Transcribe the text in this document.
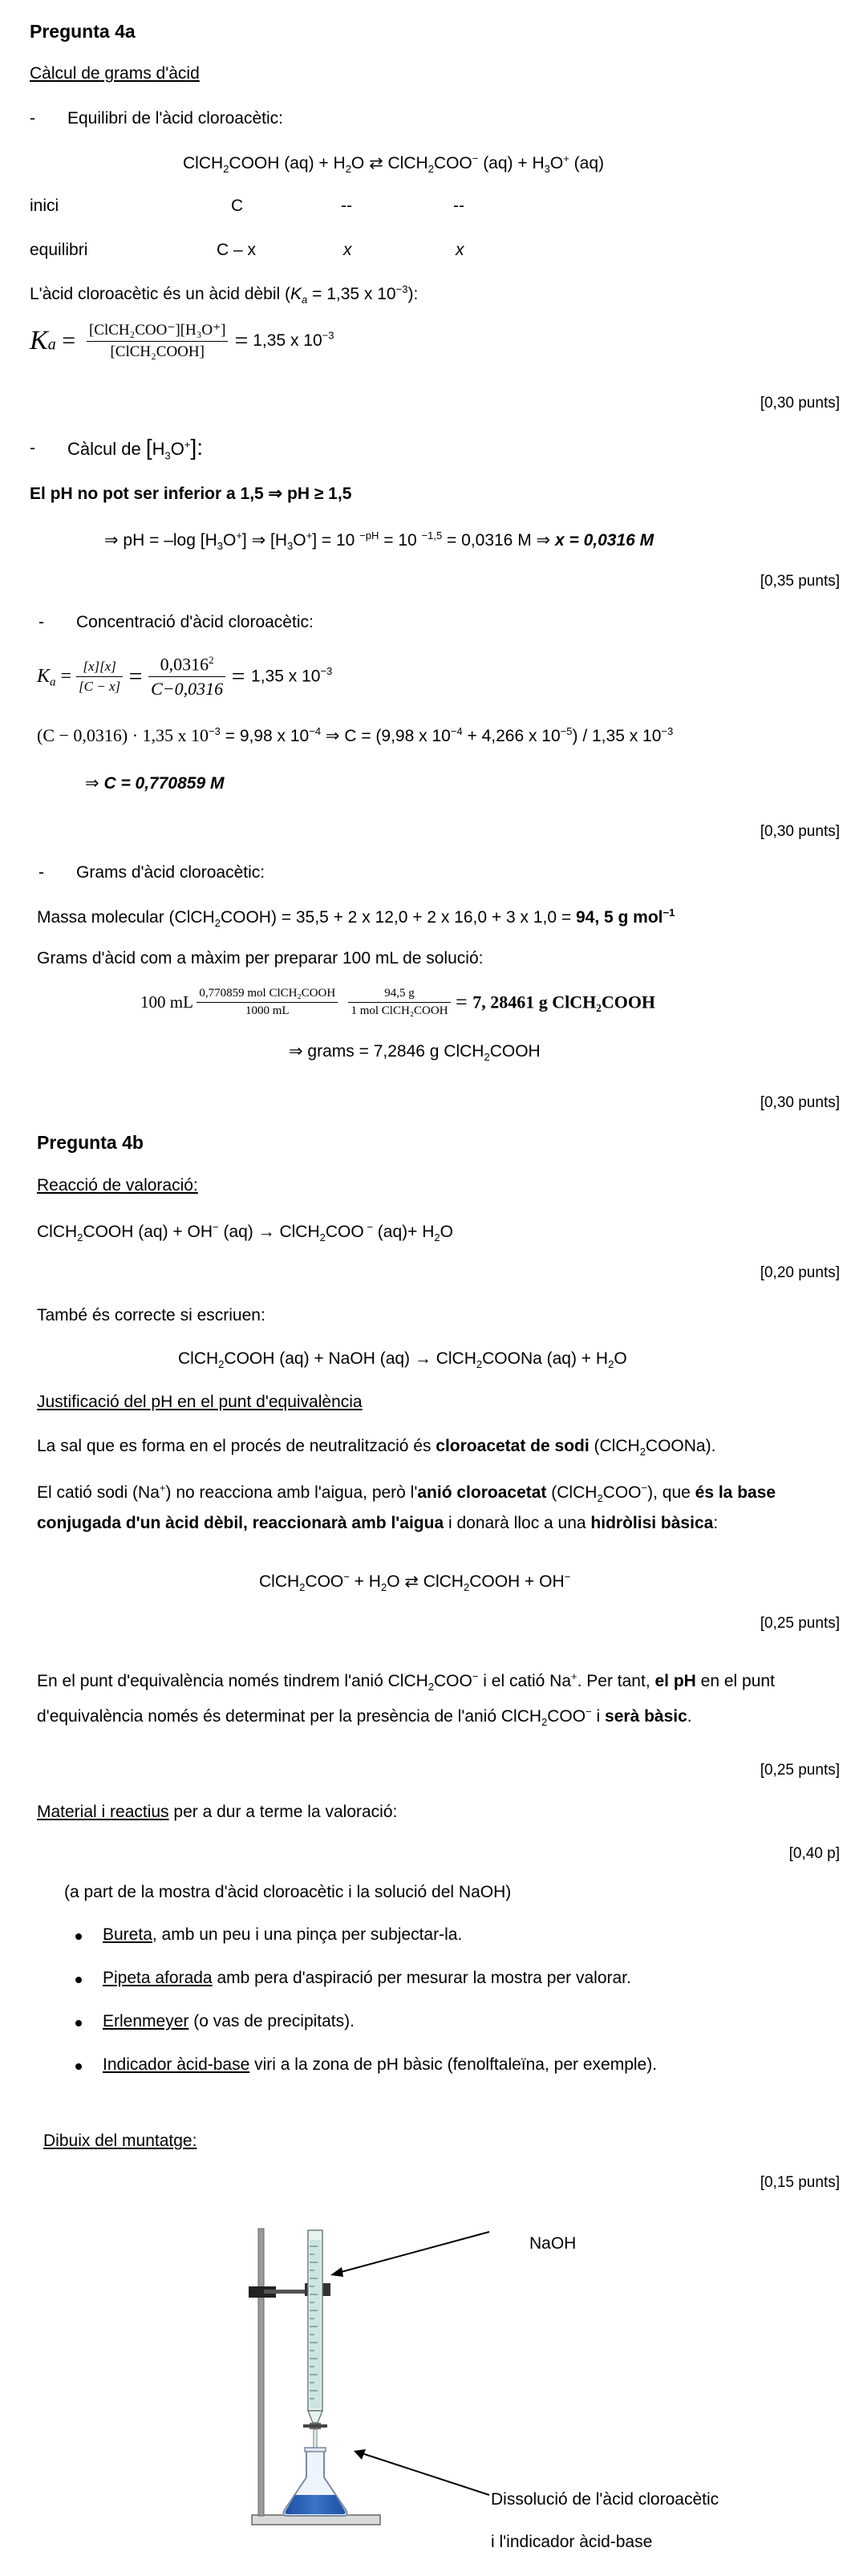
Pregunta 4a
Càlcul de grams d'àcid
- Equilibri de l'àcid cloroacètic:
ClCH$_2$COOH $(aq) + H_2O$ ⇄ ClCH$_2$COO− $(aq) + H_3O^+$ (aq)
inici	C	--	--
equilibri	C – x	x	x
L'àcid cloroacètic és un àcid dèbil ($K_a = 1,35$ x $10^{-3}$):
$K_a = \frac{\text{[ClCH₂COO⁻][H₃O⁺]}}{\text{[ClCH₂COOH]}} = 1,35$ x $10^{-3}$
[0,30 punts]
- Càlcul de $[H_3O^+]$:
El pH no pot ser inferior a 1,5 ⇒ pH ≥ 1,5
⇒ pH = –log $[H_3O^+]$ ⇒ $[H_3O^+] = 10$ $^{-pH}$ = 10 $^{-1,5}$ = 0,0316 M ⇒ x = 0,0316 M
[0,35 punts]
- Concentració d'àcid cloroacètic:
$K_a = \frac{[x][x]}{[C - x]} = \frac{0,0316^2}{C-0,0316} = 1,35$ x $10^{-3}$
(C − 0,0316) · 1,35 x $10^{-3} = 9,98$ x $10^{-4}$ ⇒ C = (9,98 x $10^{-4} + 4,266$ x $10^{-5}) / 1,35$ x $10^{-3}$
⇒ C = 0,770859 M
[0,30 punts]
- Grams d'àcid cloroacètic:
Massa molecular (ClCH$_2$COOH) = 35,5 + 2 x 12,0 + 2 x 16,0 + 3 x 1,0 = 94, 5 g mol$^{-1}$
Grams d'àcid com a màxim per preparar 100 mL de solució:
100 mL $\frac{\text{0,770859 mol ClCH₂COOH}}{1000 mL}$
$\frac{94,5 g}{\text{1 mol ClCH₂COOH}} = 7$, 28461 g ClCH₂COOH
⇒ grams = 7,2846 g ClCH$_2$COOH
[0,30 punts]
Pregunta 4b
Reacció de valoració:
ClCH$_2$COOH (aq) + OH− (aq) → ClCH$_2$COO − $(aq)+ H_2O$
[0,20 punts]
També és correcte si escriuen:
ClCH$_2$COOH (aq) + NaOH (aq) → ClCH$_2$COONa $(aq) + H_2O$
Justificació del pH en el punt d'equivalència
La sal que es forma en el procés de neutralització és cloroacetat de sodi (ClCH$_2$COONa).
El catió sodi (Na+) no reacciona amb l'aigua, però l'anió cloroacetat (ClCH$_2$COO−), que és la base conjugada d'un àcid dèbil, reaccionarà amb l'aigua i donarà lloc a una hidròlisi bàsica:
ClCH$_2$COO− + $H_2O$ ⇄ ClCH$_2$COOH + OH−
[0,25 punts]
En el punt d'equivalència només tindrem l'anió ClCH$_2$COO− i el catió Na+. Per tant, el pH en el punt d'equivalència només és determinat per la presència de l'anió ClCH$_2$COO− i serà bàsic.
[0,25 punts]
Material i reactius per a dur a terme la valoració:
[0,40 p]
(a part de la mostra d'àcid cloroacètic i la solució del NaOH)
Bureta, amb un peu i una pinça per subjectar-la.
Pipeta aforada amb pera d'aspiració per mesurar la mostra per valorar.
Erlenmeyer (o vas de precipitats).
Indicador àcid-base viri a la zona de pH bàsic (fenolftaleïna, per exemple).
Dibuix del muntatge:
[0,15 punts]
NaOH
Dissolució de l'àcid cloroacètic
i l'indicador àcid-base
